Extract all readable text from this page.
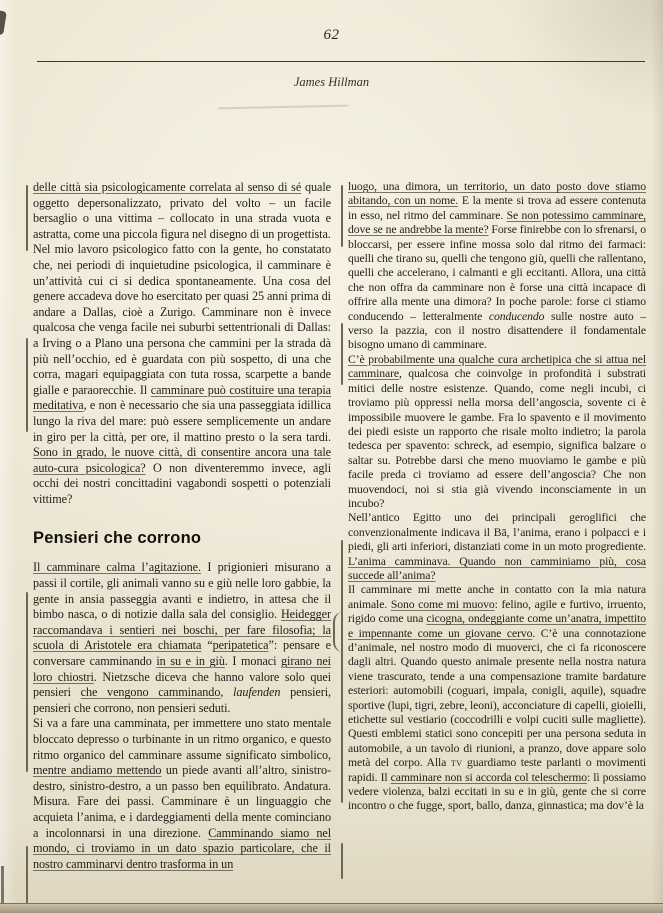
62
James Hillman

delle città sia psicologicamente correlata al senso di sé quale oggetto depersonalizzato, privato del volto – un facile bersaglio o una vittima – collocato in una strada vuota e astratta, come una piccola figura nel disegno di un progettista.

Nel mio lavoro psicologico fatto con la gente, ho constatato che, nei periodi di inquietudine psicologica, il camminare è un’attività cui ci si dedica spontaneamente. Una cosa del genere accadeva dove ho esercitato per quasi 25 anni prima di andare a Dallas, cioè a Zurigo. Camminare non è invece qualcosa che venga facile nei suburbi settentrionali di Dallas: a Irving o a Plano una persona che cammini per la strada dà più nell’occhio, ed è guardata con più sospetto, di una che corra, magari equipaggiata con tuta rossa, scarpette a bande gialle e paraorecchie. Il camminare può costituire una terapia meditativa, e non è necessario che sia una passeggiata idillica lungo la riva del mare: può essere semplicemente un andare in giro per la città, per ore, il mattino presto o la sera tardi. Sono in grado, le nuove città, di consentire ancora una tale auto-cura psicologica? O non diventeremmo invece, agli occhi dei nostri concittadini vagabondi sospetti o potenziali vittime?

Pensieri che corrono

Il camminare calma l’agitazione. I prigionieri misurano a passi il cortile, gli animali vanno su e giù nelle loro gabbie, la gente in ansia passeggia avanti e indietro, in attesa che il bimbo nasca, o di notizie dalla sala del consiglio. Heidegger raccomandava i sentieri nei boschi, per fare filosofia; la scuola di Aristotele era chiamata “peripatetica”: pensare e conversare camminando in su e in giù. I monaci girano nei loro chiostri. Nietzsche diceva che hanno valore solo quei pensieri che vengono camminando, laufenden pensieri, pensieri che corrono, non pensieri seduti.

Si va a fare una camminata, per immettere uno stato mentale bloccato depresso o turbinante in un ritmo organico, e questo ritmo organico del camminare assume significato simbolico, mentre andiamo mettendo un piede avanti all’altro, sinistro-destro, sinistro-destro, a un passo ben equilibrato. Andatura. Misura. Fare dei passi. Camminare è un linguaggio che acquieta l’anima, e i dardeggiamenti della mente cominciano a incolonnarsi in una direzione. Camminando siamo nel mondo, ci troviamo in un dato spazio particolare, che il nostro camminarvi dentro trasforma in un

luogo, una dimora, un territorio, un dato posto dove stiamo abitando, con un nome. E la mente si trova ad essere contenuta in esso, nel ritmo del camminare. Se non potessimo camminare, dove se ne andrebbe la mente? Forse finirebbe con lo sfrenarsi, o bloccarsi, per essere infine mossa solo dal ritmo dei farmaci: quelli che tirano su, quelli che tengono giù, quelli che rallentano, quelli che accelerano, i calmanti e gli eccitanti. Allora, una città che non offra da camminare non è forse una città incapace di offrire alla mente una dimora? In poche parole: forse ci stiamo conducendo – letteralmente conducendo sulle nostre auto – verso la pazzia, con il nostro disattendere il fondamentale bisogno umano di camminare.

C’è probabilmente una qualche cura archetipica che si attua nel camminare, qualcosa che coinvolge in profondità i substrati mitici delle nostre esistenze. Quando, come negli incubi, ci troviamo più oppressi nella morsa dell’angoscia, sovente ci è impossibile muovere le gambe. Fra lo spavento e il movimento dei piedi esiste un rapporto che risale molto indietro; la parola tedesca per spavento: schreck, ad esempio, significa balzare o saltar su. Potrebbe darsi che meno muoviamo le gambe e più facile preda ci troviamo ad essere dell’angoscia? Che non muovendoci, noi si stia già vivendo inconsciamente in un incubo?

Nell’antico Egitto uno dei principali geroglifici che convenzionalmente indicava il Bā, l’anima, erano i polpacci e i piedi, gli arti inferiori, distanziati come in un moto progrediente. L’anima camminava. Quando non camminiamo più, cosa succede all’anima?

Il camminare mi mette anche in contatto con la mia natura animale. Sono come mi muovo: felino, agile e furtivo, irruento, rigido come una cicogna, ondeggiante come un’anatra, impettito e impennante come un giovane cervo. C’è una connotazione d’animale, nel nostro modo di muoverci, che ci fa riconoscere dagli altri. Quando questo animale presente nella nostra natura viene trascurato, tende a una compensazione tramite bardature esteriori: automobili (coguari, impala, conigli, aquile), squadre sportive (lupi, tigri, zebre, leoni), acconciature di capelli, gioielli, etichette sul vestiario (coccodrilli e volpi cuciti sulle magliette). Questi emblemi statici sono concepiti per una persona seduta in automobile, a un tavolo di riunioni, a pranzo, dove appare solo metà del corpo. Alla tv guardiamo teste parlanti o movimenti rapidi. Il camminare non si accorda col teleschermo: lì possiamo vedere violenza, balzi eccitati in su e in giù, gente che si corre incontro o che fugge, sport, ballo, danza, ginnastica; ma dov’è la
